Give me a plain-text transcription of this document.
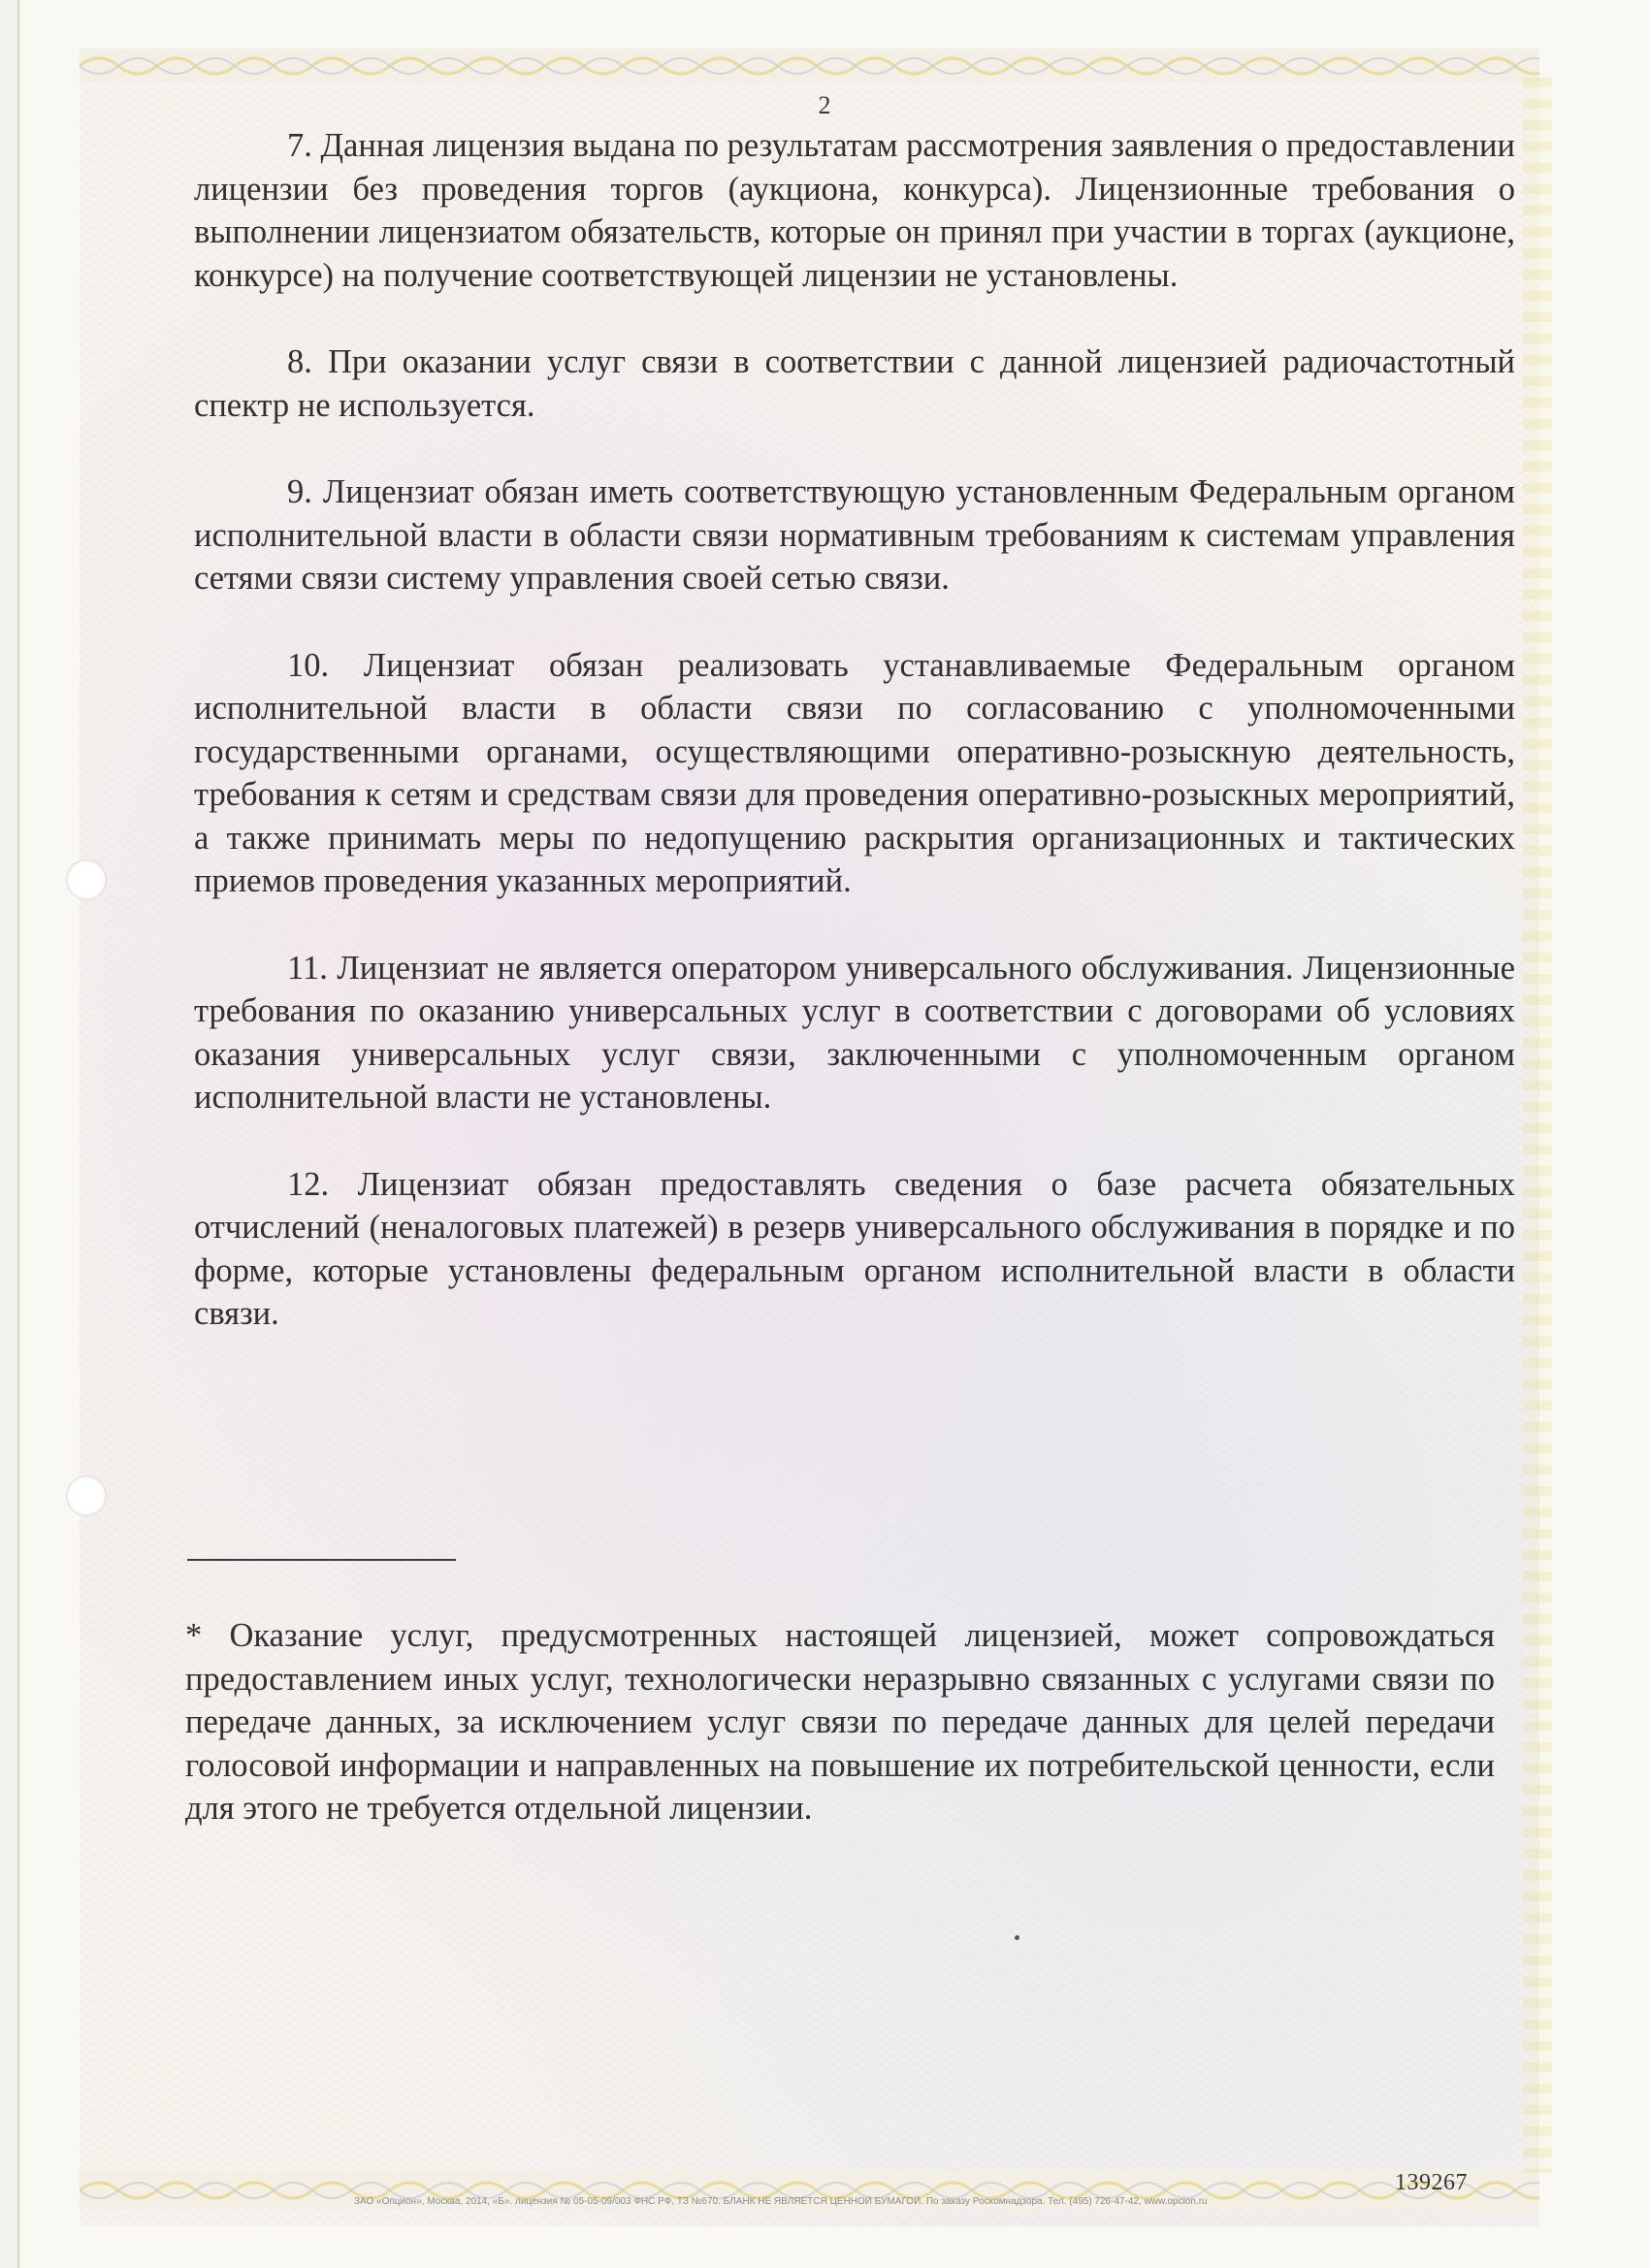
2

7. Данная лицензия выдана по результатам рассмотрения заявления о предоставлении лицензии без проведения торгов (аукциона, конкурса). Лицензионные требования о выполнении лицензиатом обязательств, которые он принял при участии в торгах (аукционе, конкурсе) на получение соответствующей лицензии не установлены.

8. При оказании услуг связи в соответствии с данной лицензией радиочастотный спектр не используется.

9. Лицензиат обязан иметь соответствующую установленным Федеральным органом исполнительной власти в области связи нормативным требованиям к системам управления сетями связи систему управления своей сетью связи.

10. Лицензиат обязан реализовать устанавливаемые Федеральным органом исполнительной власти в области связи по согласованию с уполномоченными государственными органами, осуществляющими оперативно-розыскную деятельность, требования к сетям и средствам связи для проведения оперативно-розыскных мероприятий, а также принимать меры по недопущению раскрытия организационных и тактических приемов проведения указанных мероприятий.

11. Лицензиат не является оператором универсального обслуживания. Лицензионные требования по оказанию универсальных услуг в соответствии с договорами об условиях оказания универсальных услуг связи, заключенными с уполномоченным органом исполнительной власти не установлены.

12. Лицензиат обязан предоставлять сведения о базе расчета обязательных отчислений (неналоговых платежей) в резерв универсального обслуживания в порядке и по форме, которые установлены федеральным органом исполнительной власти в области связи.

* Оказание услуг, предусмотренных настоящей лицензией, может сопровождаться предоставлением иных услуг, технологически неразрывно связанных с услугами связи по передаче данных, за исключением услуг связи по передаче данных для целей передачи голосовой информации и направленных на повышение их потребительской ценности, если для этого не требуется отдельной лицензии.

ЗАО «Опцион», Москва, 2014, «Б». лицензия № 05-05-09/003 ФНС РФ, ТЗ №670. БЛАНК НЕ ЯВЛЯЕТСЯ ЦЕННОЙ БУМАГОЙ. По заказу Роскомнадзора. Тел. (495) 726-47-42, www.opcion.ru
139267
